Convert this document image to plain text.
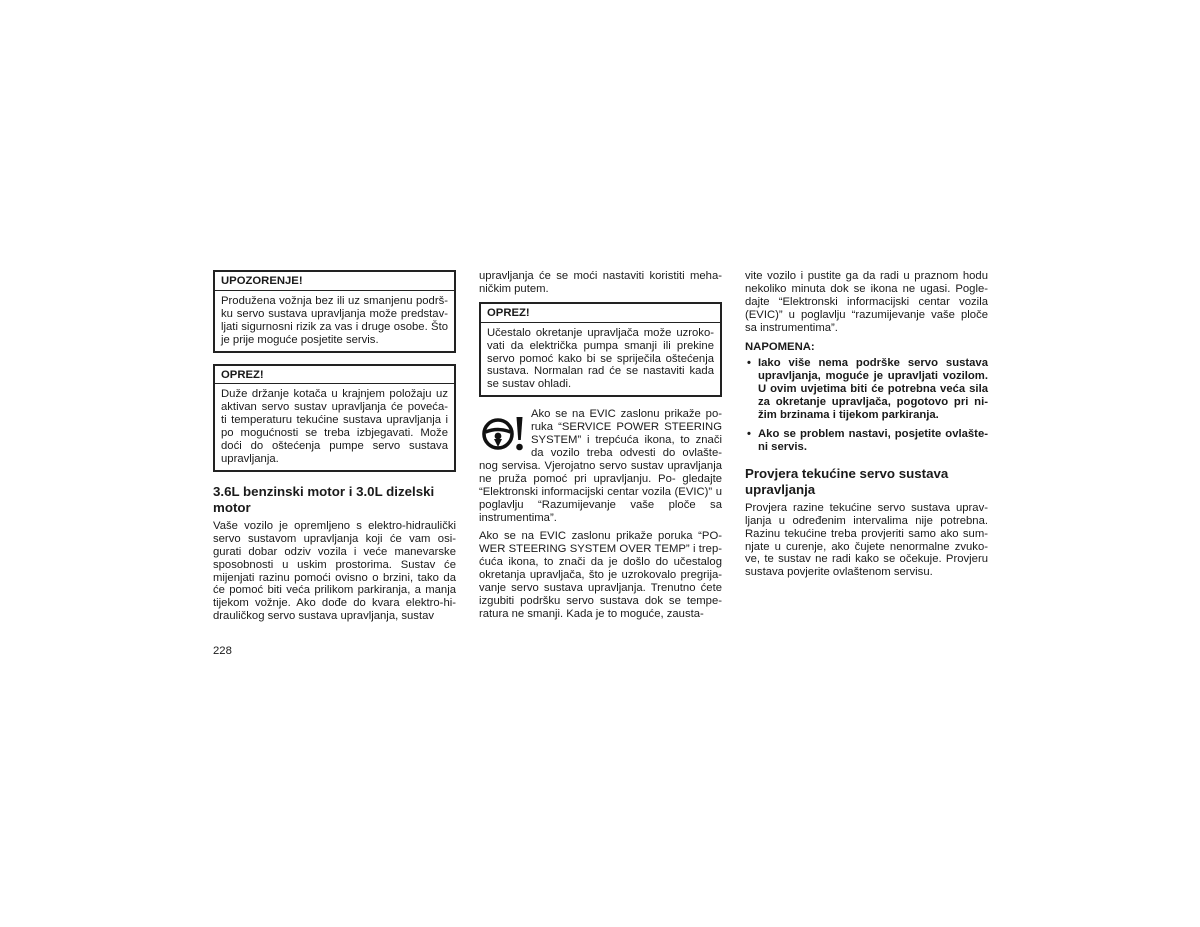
UPOZORENJE!
Produžena vožnja bez ili uz smanjenu podrš- ku servo sustava upravljanja može predstav- ljati sigurnosni rizik za vas i druge osobe. Što je prije moguće posjetite servis.
OPREZ!
Duže držanje kotača u krajnjem položaju uz aktivan servo sustav upravljanja će poveća- ti temperaturu tekućine sustava upravljanja i po mogućnosti se treba izbjegavati. Može doći do oštećenja pumpe servo sustava upravljanja.
3.6L benzinski motor i 3.0L dizelski motor

Vaše vozilo je opremljeno s elektro-hidraulički servo sustavom upravljanja koji će vam osi- gurati dobar odziv vozila i veće manevarske sposobnosti u uskim prostorima. Sustav će mijenjati razinu pomoći ovisno o brzini, tako da će pomoć biti veća prilikom parkiranja, a manja tijekom vožnje. Ako dođe do kvara elektro-hi- drauličkog servo sustava upravljanja, sustav

upravljanja će se moći nastaviti koristiti meha- ničkim putem.

OPREZ!
Učestalo okretanje upravljača može uzroko- vati da električka pumpa smanji ili prekine servo pomoć kako bi se spriječila oštećenja sustava. Normalan rad će se nastaviti kada se sustav ohladi.

Ako se na EVIC zaslonu prikaže po- ruka “SERVICE POWER STEERING SYSTEM” i trepćuća ikona, to znači da vozilo treba odvesti do ovlašte- nog servisa. Vjerojatno servo sustav upravljanja ne pruža pomoć pri upravljanju. Po- gledajte “Elektronski informacijski centar vozila (EVIC)” u poglavlju “Razumijevanje vaše ploče sa instrumentima”.

Ako se na EVIC zaslonu prikaže poruka “PO- WER STEERING SYSTEM OVER TEMP” i trep- ćuća ikona, to znači da je došlo do učestalog okretanja upravljača, što je uzrokovalo pregrija- vanje servo sustava upravljanja. Trenutno ćete izgubiti podršku servo sustava dok se tempe- ratura ne smanji. Kada je to moguće, zausta-

vite vozilo i pustite ga da radi u praznom hodu nekoliko minuta dok se ikona ne ugasi. Pogle- dajte “Elektronski informacijski centar vozila (EVIC)” u poglavlju “razumijevanje vaše ploče sa instrumentima”.

NAPOMENA:
• Iako više nema podrške servo sustava upravljanja, moguće je upravljati vozilom. U ovim uvjetima biti će potrebna veća sila za okretanje upravljača, pogotovo pri ni- žim brzinama i tijekom parkiranja.
• Ako se problem nastavi, posjetite ovlašte- ni servis.
Provjera tekućine servo sustava upravljanja

Provjera razine tekućine servo sustava uprav- ljanja u određenim intervalima nije potrebna. Razinu tekućine treba provjeriti samo ako sum- njate u curenje, ako čujete nenormalne zvuko- ve, te sustav ne radi kako se očekuje. Provjeru sustava povjerite ovlaštenom servisu.

228
